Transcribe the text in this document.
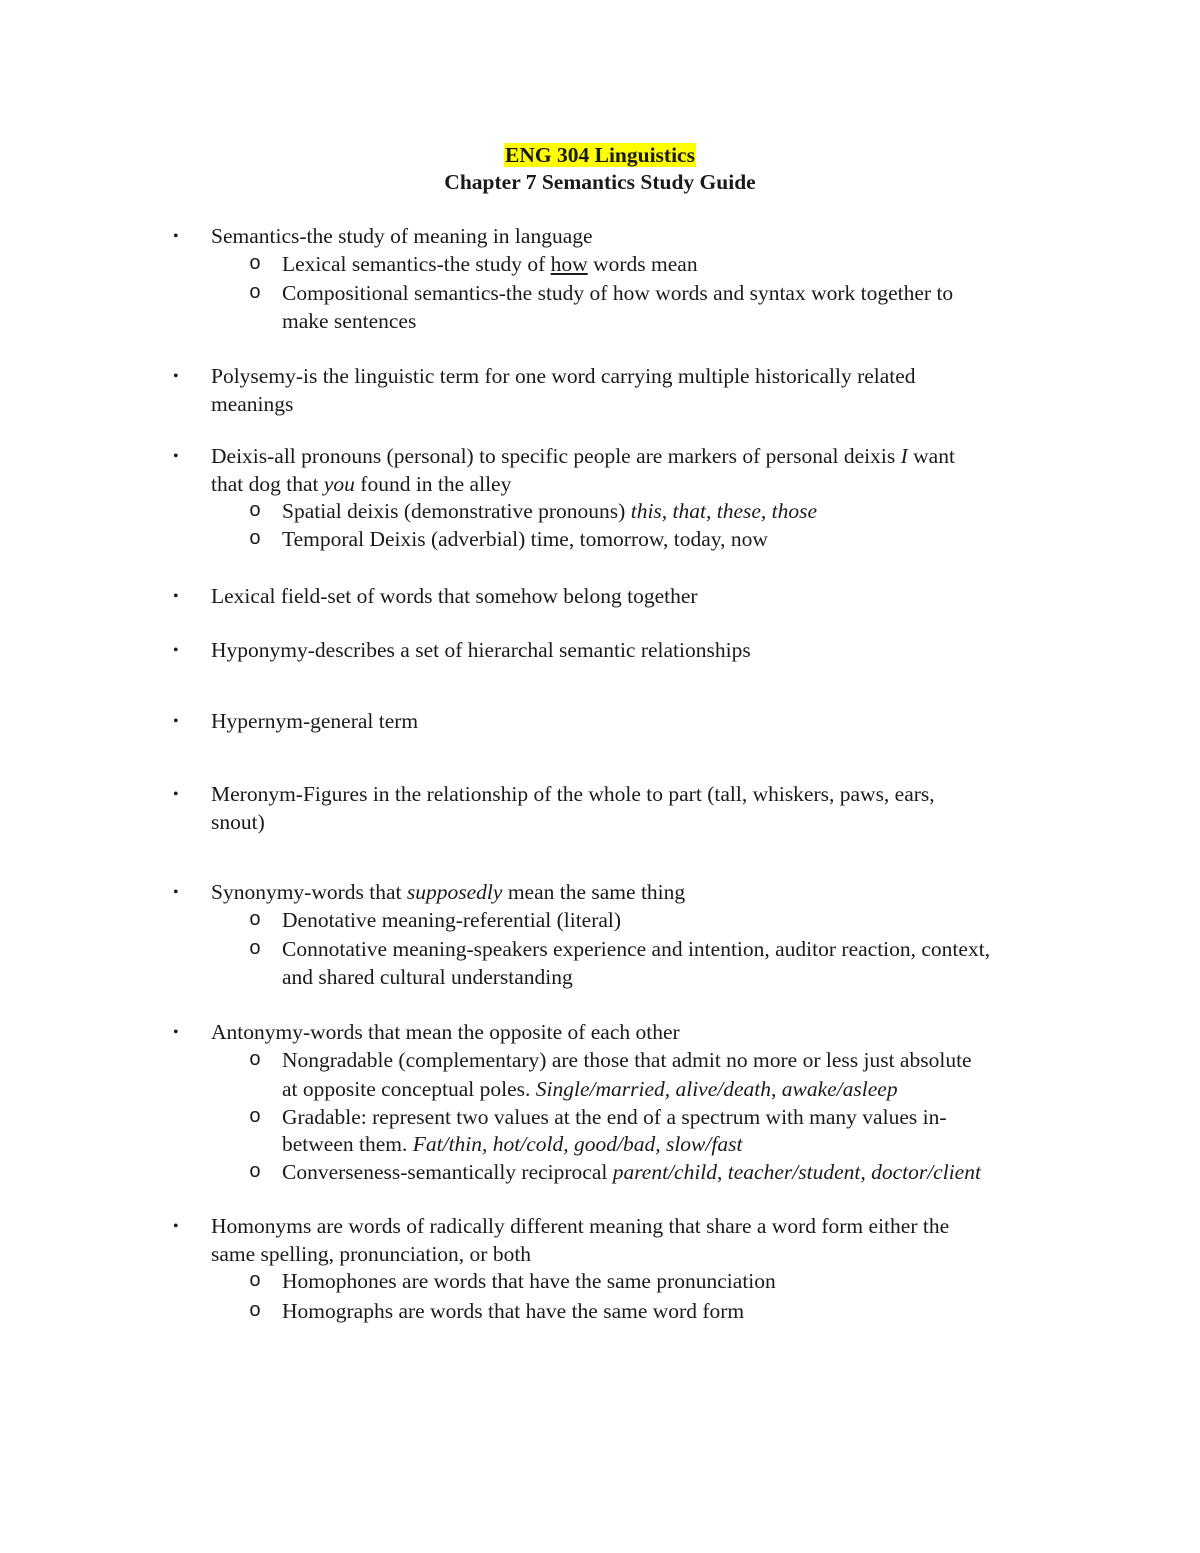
ENG 304 Linguistics
Chapter 7 Semantics Study Guide
• Semantics-the study of meaning in language
o Lexical semantics-the study of how words mean
o Compositional semantics-the study of how words and syntax work together to
make sentences
• Polysemy-is the linguistic term for one word carrying multiple historically related
meanings
• Deixis-all pronouns (personal) to specific people are markers of personal deixis I want
that dog that you found in the alley
o Spatial deixis (demonstrative pronouns) this, that, these, those
o Temporal Deixis (adverbial) time, tomorrow, today, now
• Lexical field-set of words that somehow belong together
• Hyponymy-describes a set of hierarchal semantic relationships
• Hypernym-general term
• Meronym-Figures in the relationship of the whole to part (tall, whiskers, paws, ears,
snout)
• Synonymy-words that supposedly mean the same thing
o Denotative meaning-referential (literal)
o Connotative meaning-speakers experience and intention, auditor reaction, context,
and shared cultural understanding
• Antonymy-words that mean the opposite of each other
o Nongradable (complementary) are those that admit no more or less just absolute
at opposite conceptual poles. Single/married, alive/death, awake/asleep
o Gradable: represent two values at the end of a spectrum with many values in-
between them. Fat/thin, hot/cold, good/bad, slow/fast
o Converseness-semantically reciprocal parent/child, teacher/student, doctor/client
• Homonyms are words of radically different meaning that share a word form either the
same spelling, pronunciation, or both
o Homophones are words that have the same pronunciation
o Homographs are words that have the same word form
